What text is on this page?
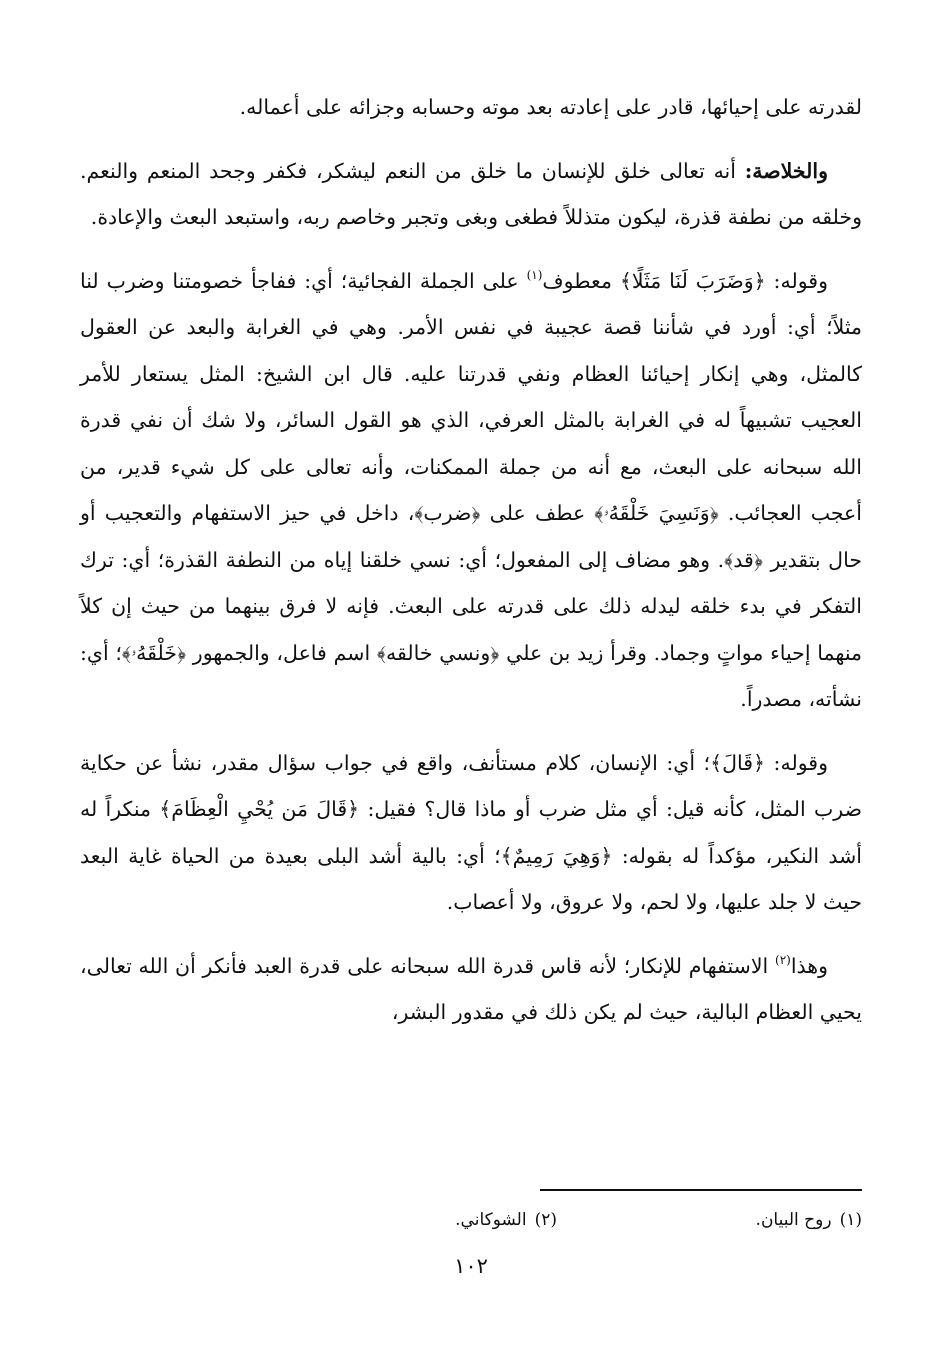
لقدرته على إحيائها، قادر على إعادته بعد موته وحسابه وجزائه على أعماله.

والخلاصة: أنه تعالى خلق للإنسان ما خلق من النعم ليشكر، فكفر وجحد المنعم والنعم. وخلقه من نطفة قذرة، ليكون متذللاً فطغى وبغى وتجبر وخاصم ربه، واستبعد البعث والإعادة.

وقوله: ﴿وَضَرَبَ لَنَا مَثَلًا﴾ معطوف$^{(١)}$ على الجملة الفجائية؛ أي: ففاجأ خصومتنا وضرب لنا مثلاً؛ أي: أورد في شأننا قصة عجيبة في نفس الأمر. وهي في الغرابة والبعد عن العقول كالمثل، وهي إنكار إحيائنا العظام ونفي قدرتنا عليه. قال ابن الشيخ: المثل يستعار للأمر العجيب تشبيهاً له في الغرابة بالمثل العرفي، الذي هو القول السائر، ولا شك أن نفي قدرة الله سبحانه على البعث، مع أنه من جملة الممكنات، وأنه تعالى على كل شيء قدير، من أعجب العجائب. ﴿وَنَسِيَ خَلْقَهُۥ﴾ عطف على ﴿ضرب﴾، داخل في حيز الاستفهام والتعجيب أو حال بتقدير ﴿قد﴾. وهو مضاف إلى المفعول؛ أي: نسي خلقنا إياه من النطفة القذرة؛ أي: ترك التفكر في بدء خلقه ليدله ذلك على قدرته على البعث. فإنه لا فرق بينهما من حيث إن كلاً منهما إحياء مواتٍ وجماد. وقرأ زيد بن علي ﴿ونسي خالقه﴾ اسم فاعل، والجمهور ﴿خَلْقَهُۥ﴾؛ أي: نشأته، مصدراً.

وقوله: ﴿قَالَ﴾؛ أي: الإنسان، كلام مستأنف، واقع في جواب سؤال مقدر، نشأ عن حكاية ضرب المثل، كأنه قيل: أي مثل ضرب أو ماذا قال؟ فقيل: ﴿قَالَ مَن يُحْيِ الْعِظَامَ﴾ منكراً له أشد النكير، مؤكداً له بقوله: ﴿وَهِيَ رَمِيمٌ﴾؛ أي: بالية أشد البلى بعيدة من الحياة غاية البعد حيث لا جلد عليها، ولا لحم، ولا عروق، ولا أعصاب.

وهذا$^{(٢)}$ الاستفهام للإنكار؛ لأنه قاس قدرة الله سبحانه على قدرة العبد فأنكر أن الله تعالى، يحيي العظام البالية، حيث لم يكن ذلك في مقدور البشر،

(١)روح البيان.
(٢)الشوكاني.
١٠٢
